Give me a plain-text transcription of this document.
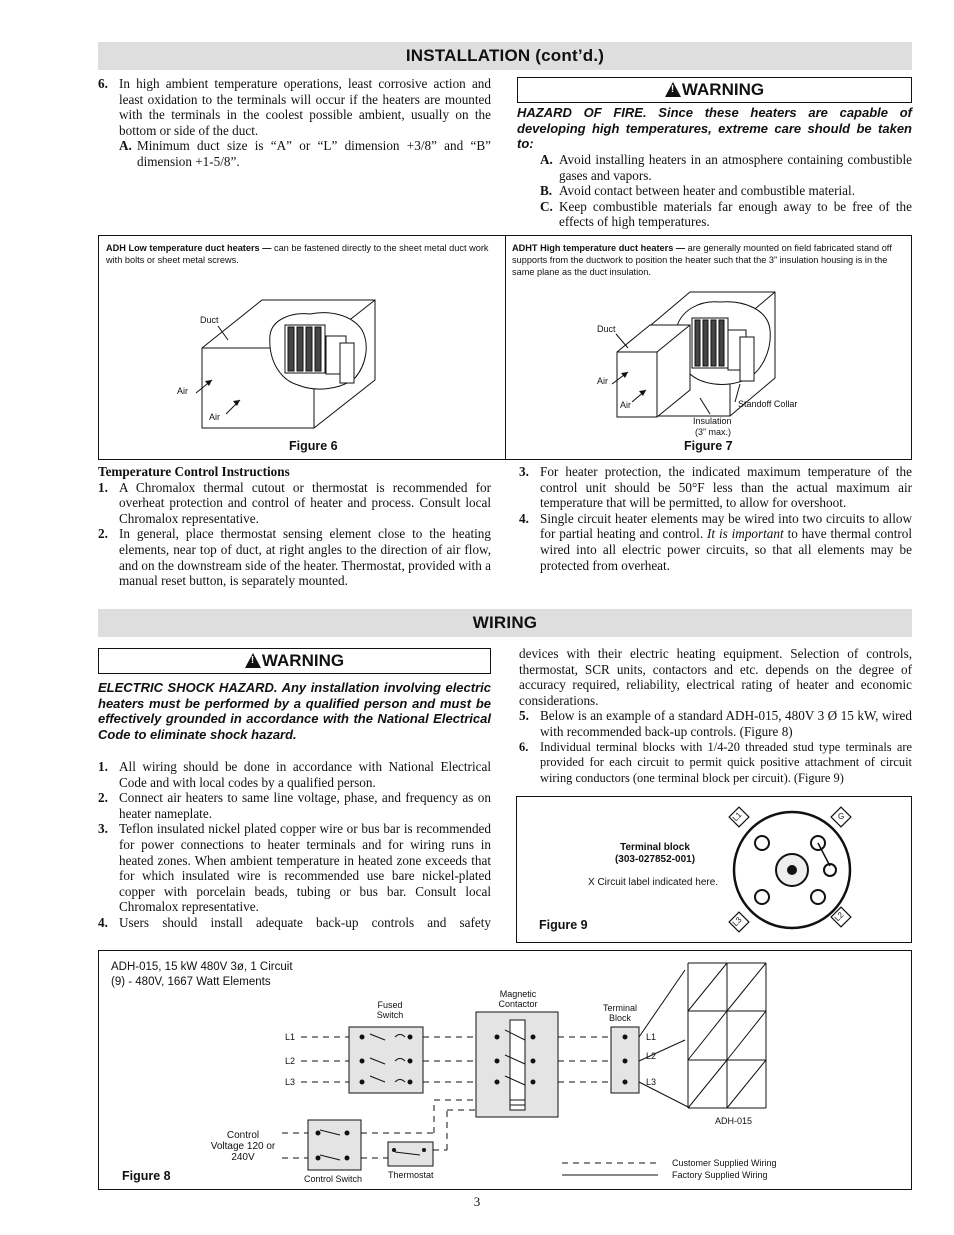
INSTALLATION (cont’d.)
6. In high ambient temperature operations, least corrosive action and least oxidation to the terminals will occur if the heaters are mounted with the terminals in the coolest possible ambient, usually on the bottom or side of the duct.
A. Minimum duct size is “A” or “L” dimension +3/8” and “B” dimension +1-5/8”.
!WARNING
HAZARD OF FIRE. Since these heaters are capable of developing high temperatures, extreme care should be taken to:
A. Avoid installing heaters in an atmosphere containing combustible gases and vapors.
B. Avoid contact between heater and combustible material.
C. Keep combustible materials far enough away to be free of the effects of high temperatures.
ADH Low temperature duct heaters — can be fastened directly to the sheet metal duct work with bolts or sheet metal screws.
ADHT High temperature duct heaters — are generally mounted on field fabricated stand off supports from the ductwork to position the heater such that the 3” insulation housing is in the same plane as the duct insulation.
Duct
Air
Air
Figure 6
Duct
Air
Air	Standoff Collar
Insulation
(3” max.)
Figure 7
Temperature Control Instructions
1. A Chromalox thermal cutout or thermostat is recommended for overheat protection and control of heater and process. Consult local Chromalox representative.
2. In general, place thermostat sensing element close to the heating elements, near top of duct, at right angles to the direction of air flow, and on the downstream side of the heater. Thermostat, provided with a manual reset button, is separately mounted.
3. For heater protection, the indicated maximum temperature of the control unit should be 50°F less than the actual maximum air temperature that will be permitted, to allow for overshoot.
4. Single circuit heater elements may be wired into two circuits to allow for partial heating and control. It is important to have thermal control wired into all electric power circuits, so that all elements may be protected from overheat.
WIRING
!WARNING
ELECTRIC SHOCK HAZARD. Any installation involving electric heaters must be performed by a qualified person and must be effectively grounded in accordance with the National Electrical Code to eliminate shock hazard.
1. All wiring should be done in accordance with National Electrical Code and with local codes by a qualified person.
2. Connect air heaters to same line voltage, phase, and frequency as on heater nameplate.
3. Teflon insulated nickel plated copper wire or bus bar is recommended for power connections to heater terminals and for wiring runs in heated zones. When ambient temperature in heated zone exceeds that for which insulated wire is recommended use bare nickel-plated copper with porcelain beads, tubing or bus bar. Consult local Chromalox representative.
4. Users should install adequate back-up controls and safety
devices with their electric heating equipment. Selection of controls, thermostat, SCR units, contactors and etc. depends on the degree of accuracy required, reliability, electrical rating of heater and economic considerations.
5. Below is an example of a standard ADH-015, 480V 3 Ø 15 kW, wired with recommended back-up controls. (Figure 8)
6. Individual terminal blocks with 1/4-20 threaded stud type terminals are provided for each circuit to permit quick positive attachment of circuit wiring conductors (one terminal block per circuit). (Figure 9)
Terminal block
(303-027852-001)
X Circuit label indicated here.
Figure 9
L1	G
L3	L2
ADH-015, 15 kW 480V 3ø, 1 Circuit
(9) - 480V, 1667 Watt Elements
Fused Switch
Magnetic Contactor	Terminal Block
L1
L2
L3
L1
L2
L3
ADH-015
Control Voltage 120 or 240V
Control Switch	Thermostat
Customer Supplied Wiring
Factory Supplied Wiring
Figure 8
3
